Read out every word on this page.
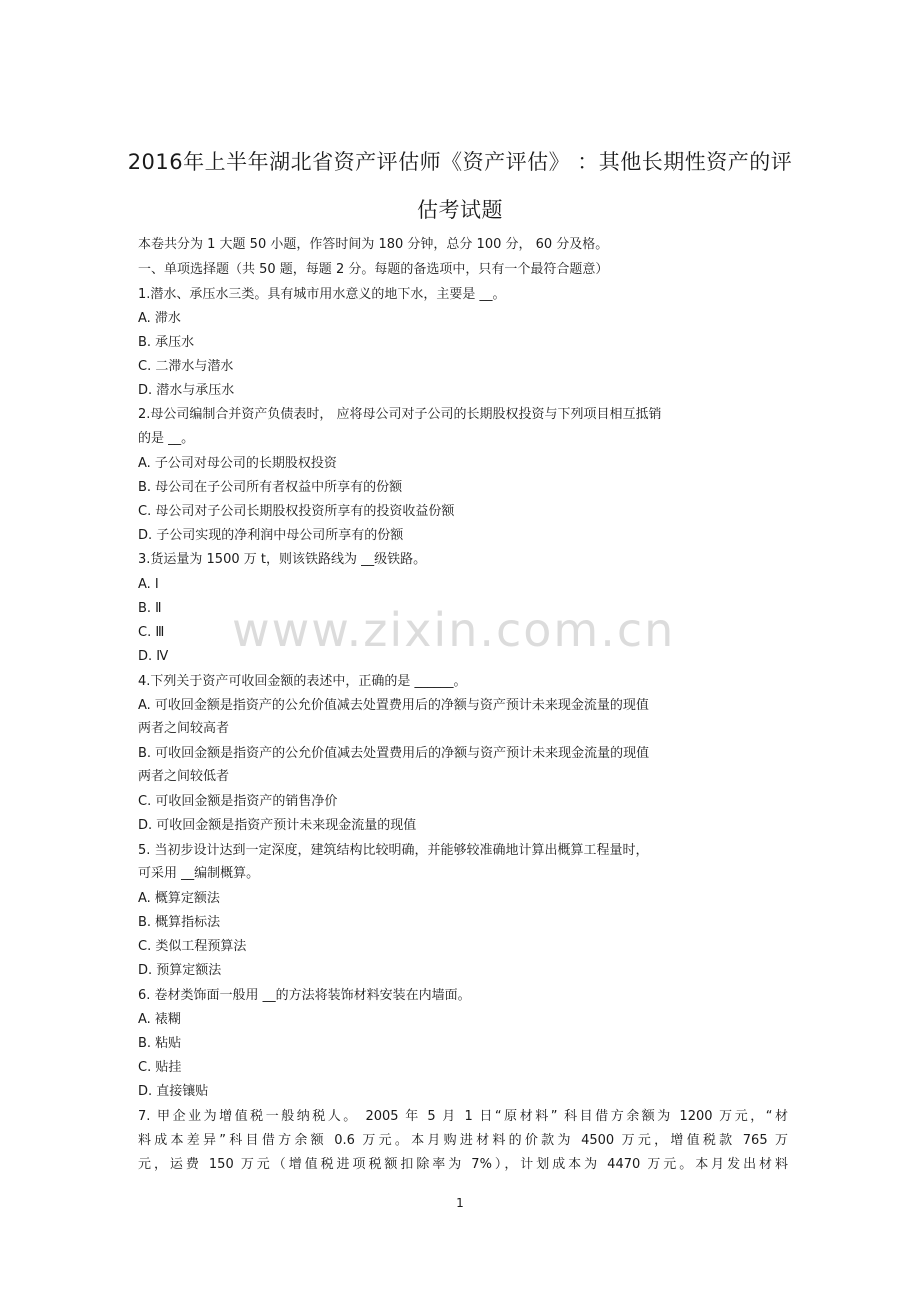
2016年上半年湖北省资产评估师《资产评估》 ：其他长期性资产的评
估考试题
www.zixin.com.cn
本卷共分为 1 大题 50 小题，作答时间为 180 分钟，总分 100 分， 60 分及格。
一、单项选择题（共 50 题，每题 2 分。每题的备选项中，只有一个最符合题意）
1.潜水、承压水三类。具有城市用水意义的地下水，主要是 __。
A. 滞水
B. 承压水
C. 二滞水与潜水
D. 潜水与承压水
2.母公司编制合并资产负债表时， 应将母公司对子公司的长期股权投资与下列项目相互抵销
的是 __。
A. 子公司对母公司的长期股权投资
B. 母公司在子公司所有者权益中所享有的份额
C. 母公司对子公司长期股权投资所享有的投资收益份额
D. 子公司实现的净利润中母公司所享有的份额
3.货运量为 1500 万 t，则该铁路线为 __级铁路。
A. Ⅰ
B. Ⅱ
C. Ⅲ
D. Ⅳ
4.下列关于资产可收回金额的表述中，正确的是 ______。
A. 可收回金额是指资产的公允价值减去处置费用后的净额与资产预计未来现金流量的现值
两者之间较高者
B. 可收回金额是指资产的公允价值减去处置费用后的净额与资产预计未来现金流量的现值
两者之间较低者
C. 可收回金额是指资产的销售净价
D. 可收回金额是指资产预计未来现金流量的现值
5. 当初步设计达到一定深度，建筑结构比较明确，并能够较准确地计算出概算工程量时，
可采用 __编制概算。
A. 概算定额法
B. 概算指标法
C. 类似工程预算法
D. 预算定额法
6. 卷材类饰面一般用 __的方法将装饰材料安装在内墙面。
A. 裱糊
B. 粘贴
C. 贴挂
D. 直接镶贴
7. 甲企业为增值税一般纳税人。 2005 年 5 月 1 日“原材料” 科目借方余额为 1200 万元，“材
料成本差异”科目借方余额 0.6 万元。本月购进材料的价款为 4500 万元，增值税款 765 万
元，运费 150 万元（增值税进项税额扣除率为 7%），计划成本为 4470 万元。本月发出材料
1
